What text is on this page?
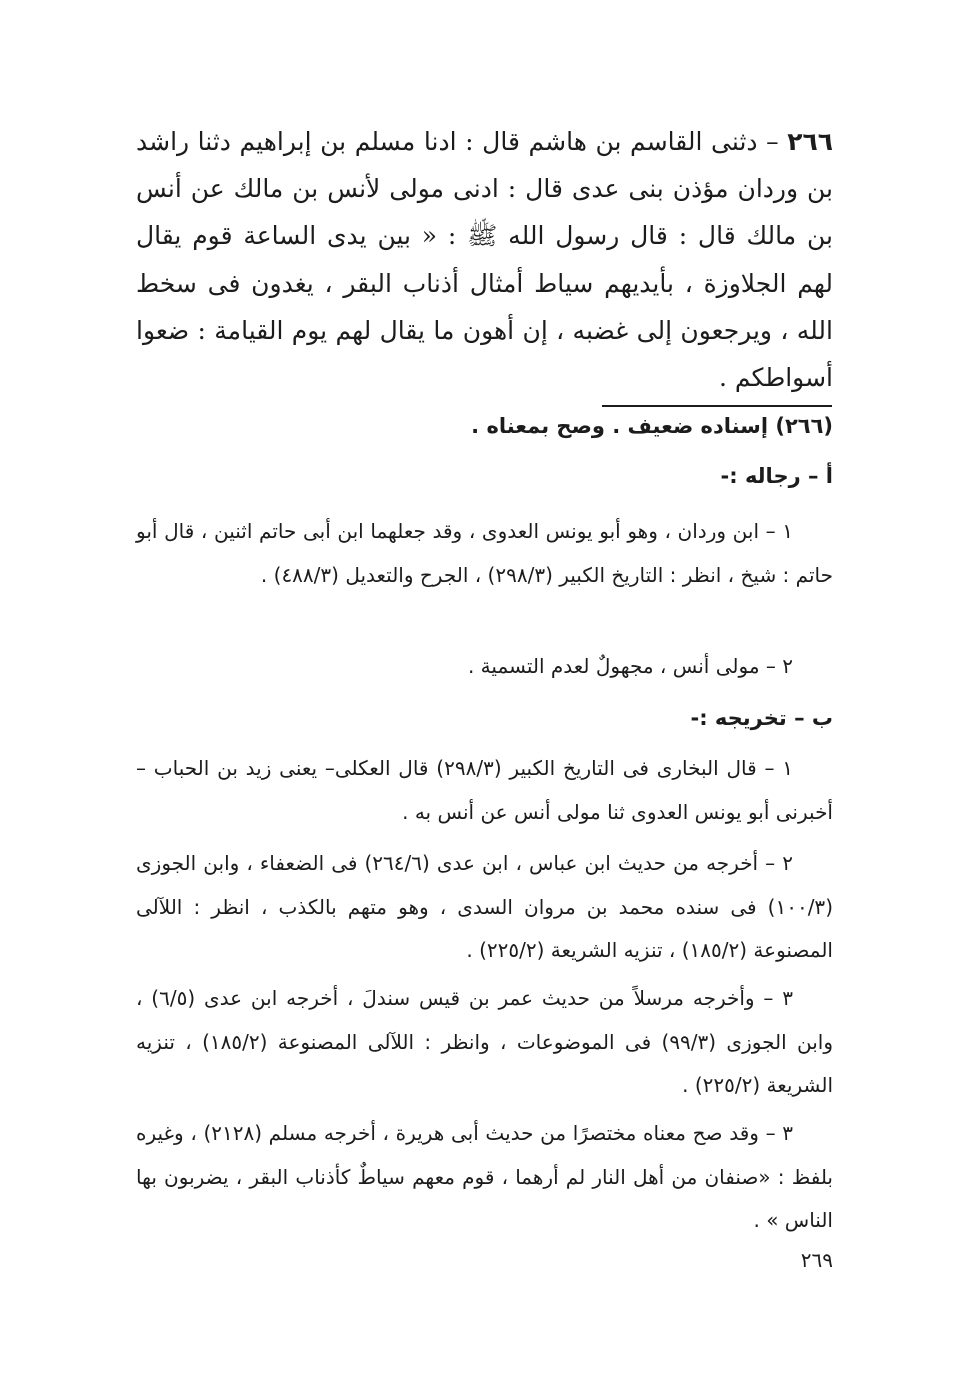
٢٦٦ – دثنى القاسم بن هاشم قال : ادنا مسلم بن إبراهيم دثنا راشد بن وردان مؤذن بنى عدى قال : ادنى مولى لأنس بن مالك عن أنس بن مالك قال : قال رسول الله ﷺ : « بين يدى الساعة قوم يقال لهم الجلاوزة ، بأيديهم سياط أمثال أذناب البقر ، يغدون فى سخط الله ، ويرجعون إلى غضبه ، إن أهون ما يقال لهم يوم القيامة : ضعوا أسواطكم .
(٢٦٦) إسناده ضعيف . وصح بمعناه .
أ – رجاله :-

١ – ابن وردان ، وهو أبو يونس العدوى ، وقد جعلهما ابن أبى حاتم اثنين ، قال أبو حاتم : شيخ ، انظر : التاريخ الكبير (٢٩٨/٣) ، الجرح والتعديل (٤٨٨/٣) .

٢ – مولى أنس ، مجهولٌ لعدم التسمية .

ب – تخريجه :-

١ – قال البخارى فى التاريخ الكبير (٢٩٨/٣) قال العكلى– يعنى زيد بن الحباب – أخبرنى أبو يونس العدوى ثنا مولى أنس عن أنس به .

٢ – أخرجه من حديث ابن عباس ، ابن عدى (٢٦٤/٦) فى الضعفاء ، وابن الجوزى (١٠٠/٣) فى سنده محمد بن مروان السدى ، وهو متهم بالكذب ، انظر : اللآلى المصنوعة (١٨٥/٢) ، تنزيه الشريعة (٢٢٥/٢) .

٣ – وأخرجه مرسلاً من حديث عمر بن قيس سندلَ ، أخرجه ابن عدى (٦/٥) ، وابن الجوزى (٩٩/٣) فى الموضوعات ، وانظر : اللآلى المصنوعة (١٨٥/٢) ، تنزيه الشريعة (٢٢٥/٢) .

٣ – وقد صح معناه مختصرًا من حديث أبى هريرة ، أخرجه مسلم (٢١٢٨) ، وغيره بلفظ : «صنفان من أهل النار لم أرهما ، قوم معهم سياطٌ كأذناب البقر ، يضربون بها الناس » .

٢٦٩
